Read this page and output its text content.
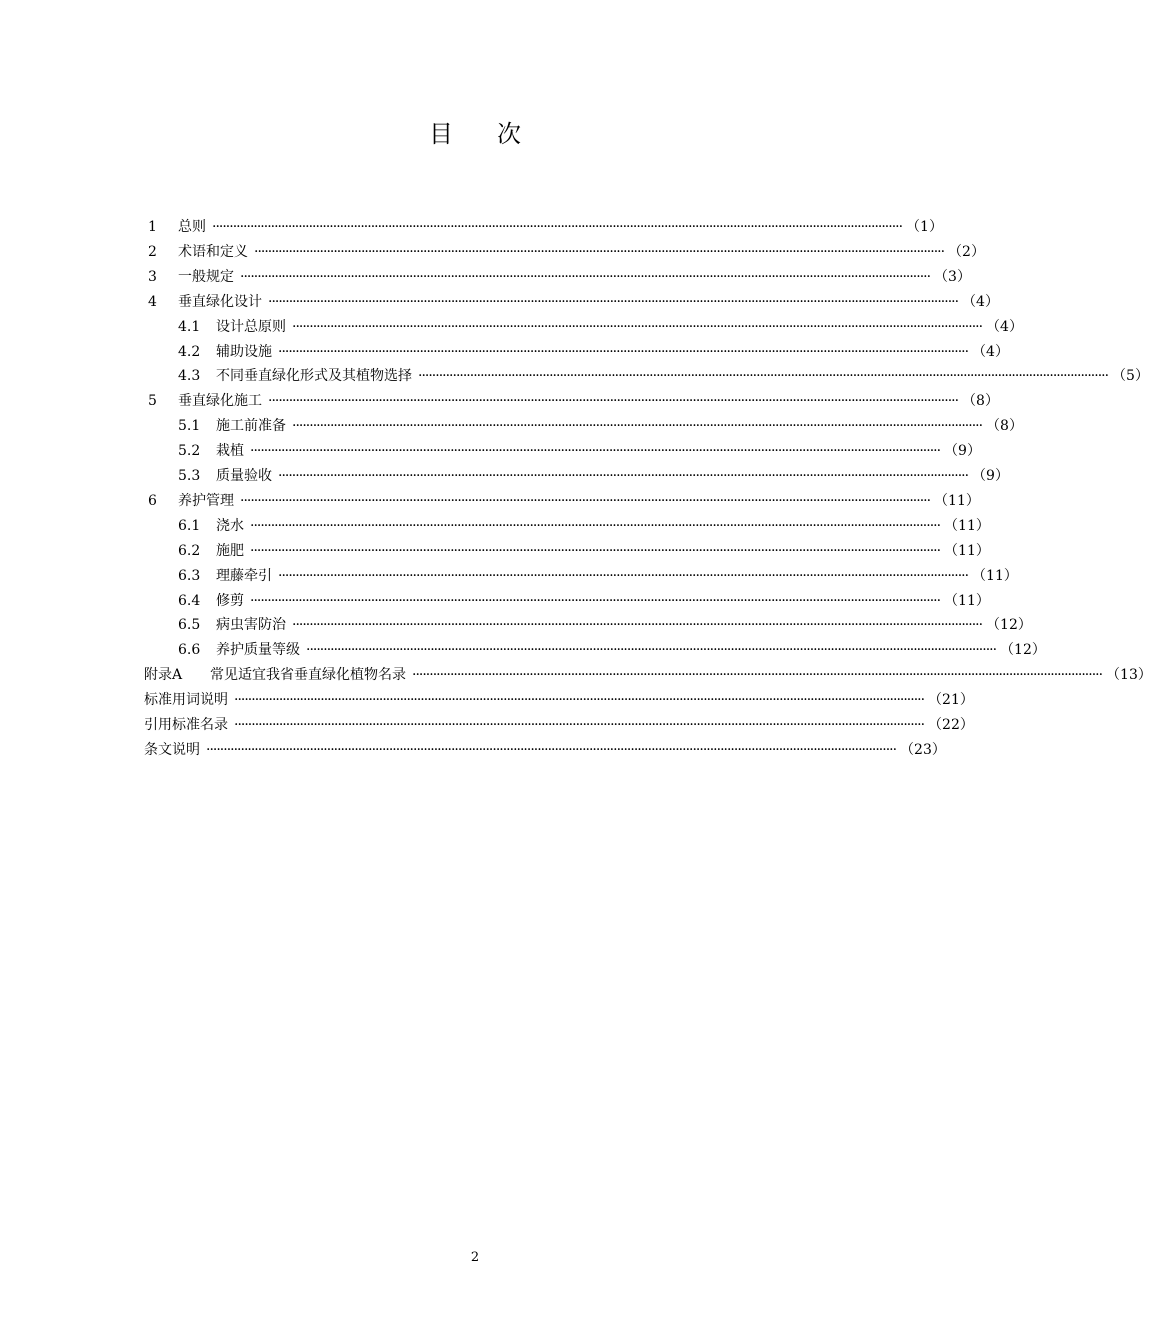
目次
1	总则 ········································································································································································································ （1）
2	术语和定义 ········································································································································································································ （2）
3	一般规定 ········································································································································································································ （3）
4	垂直绿化设计 ········································································································································································································ （4）
4.1	设计总原则 ········································································································································································································ （4）
4.2	辅助设施 ········································································································································································································ （4）
4.3	不同垂直绿化形式及其植物选择 ········································································································································································································ （5）
5	垂直绿化施工 ········································································································································································································ （8）
5.1	施工前准备 ········································································································································································································ （8）
5.2	栽植 ········································································································································································································ （9）
5.3	质量验收 ········································································································································································································ （9）
6	养护管理 ········································································································································································································ （11）
6.1	浇水 ········································································································································································································ （11）
6.2	施肥 ········································································································································································································ （11）
6.3	理藤牵引 ········································································································································································································ （11）
6.4	修剪 ········································································································································································································ （11）
6.5	病虫害防治 ········································································································································································································ （12）
6.6	养护质量等级 ········································································································································································································ （12）
附录A	常见适宜我省垂直绿化植物名录 ········································································································································································································ （13）
标准用词说明 ········································································································································································································ （21）
引用标准名录 ········································································································································································································ （22）
条文说明 ········································································································································································································ （23）
2
